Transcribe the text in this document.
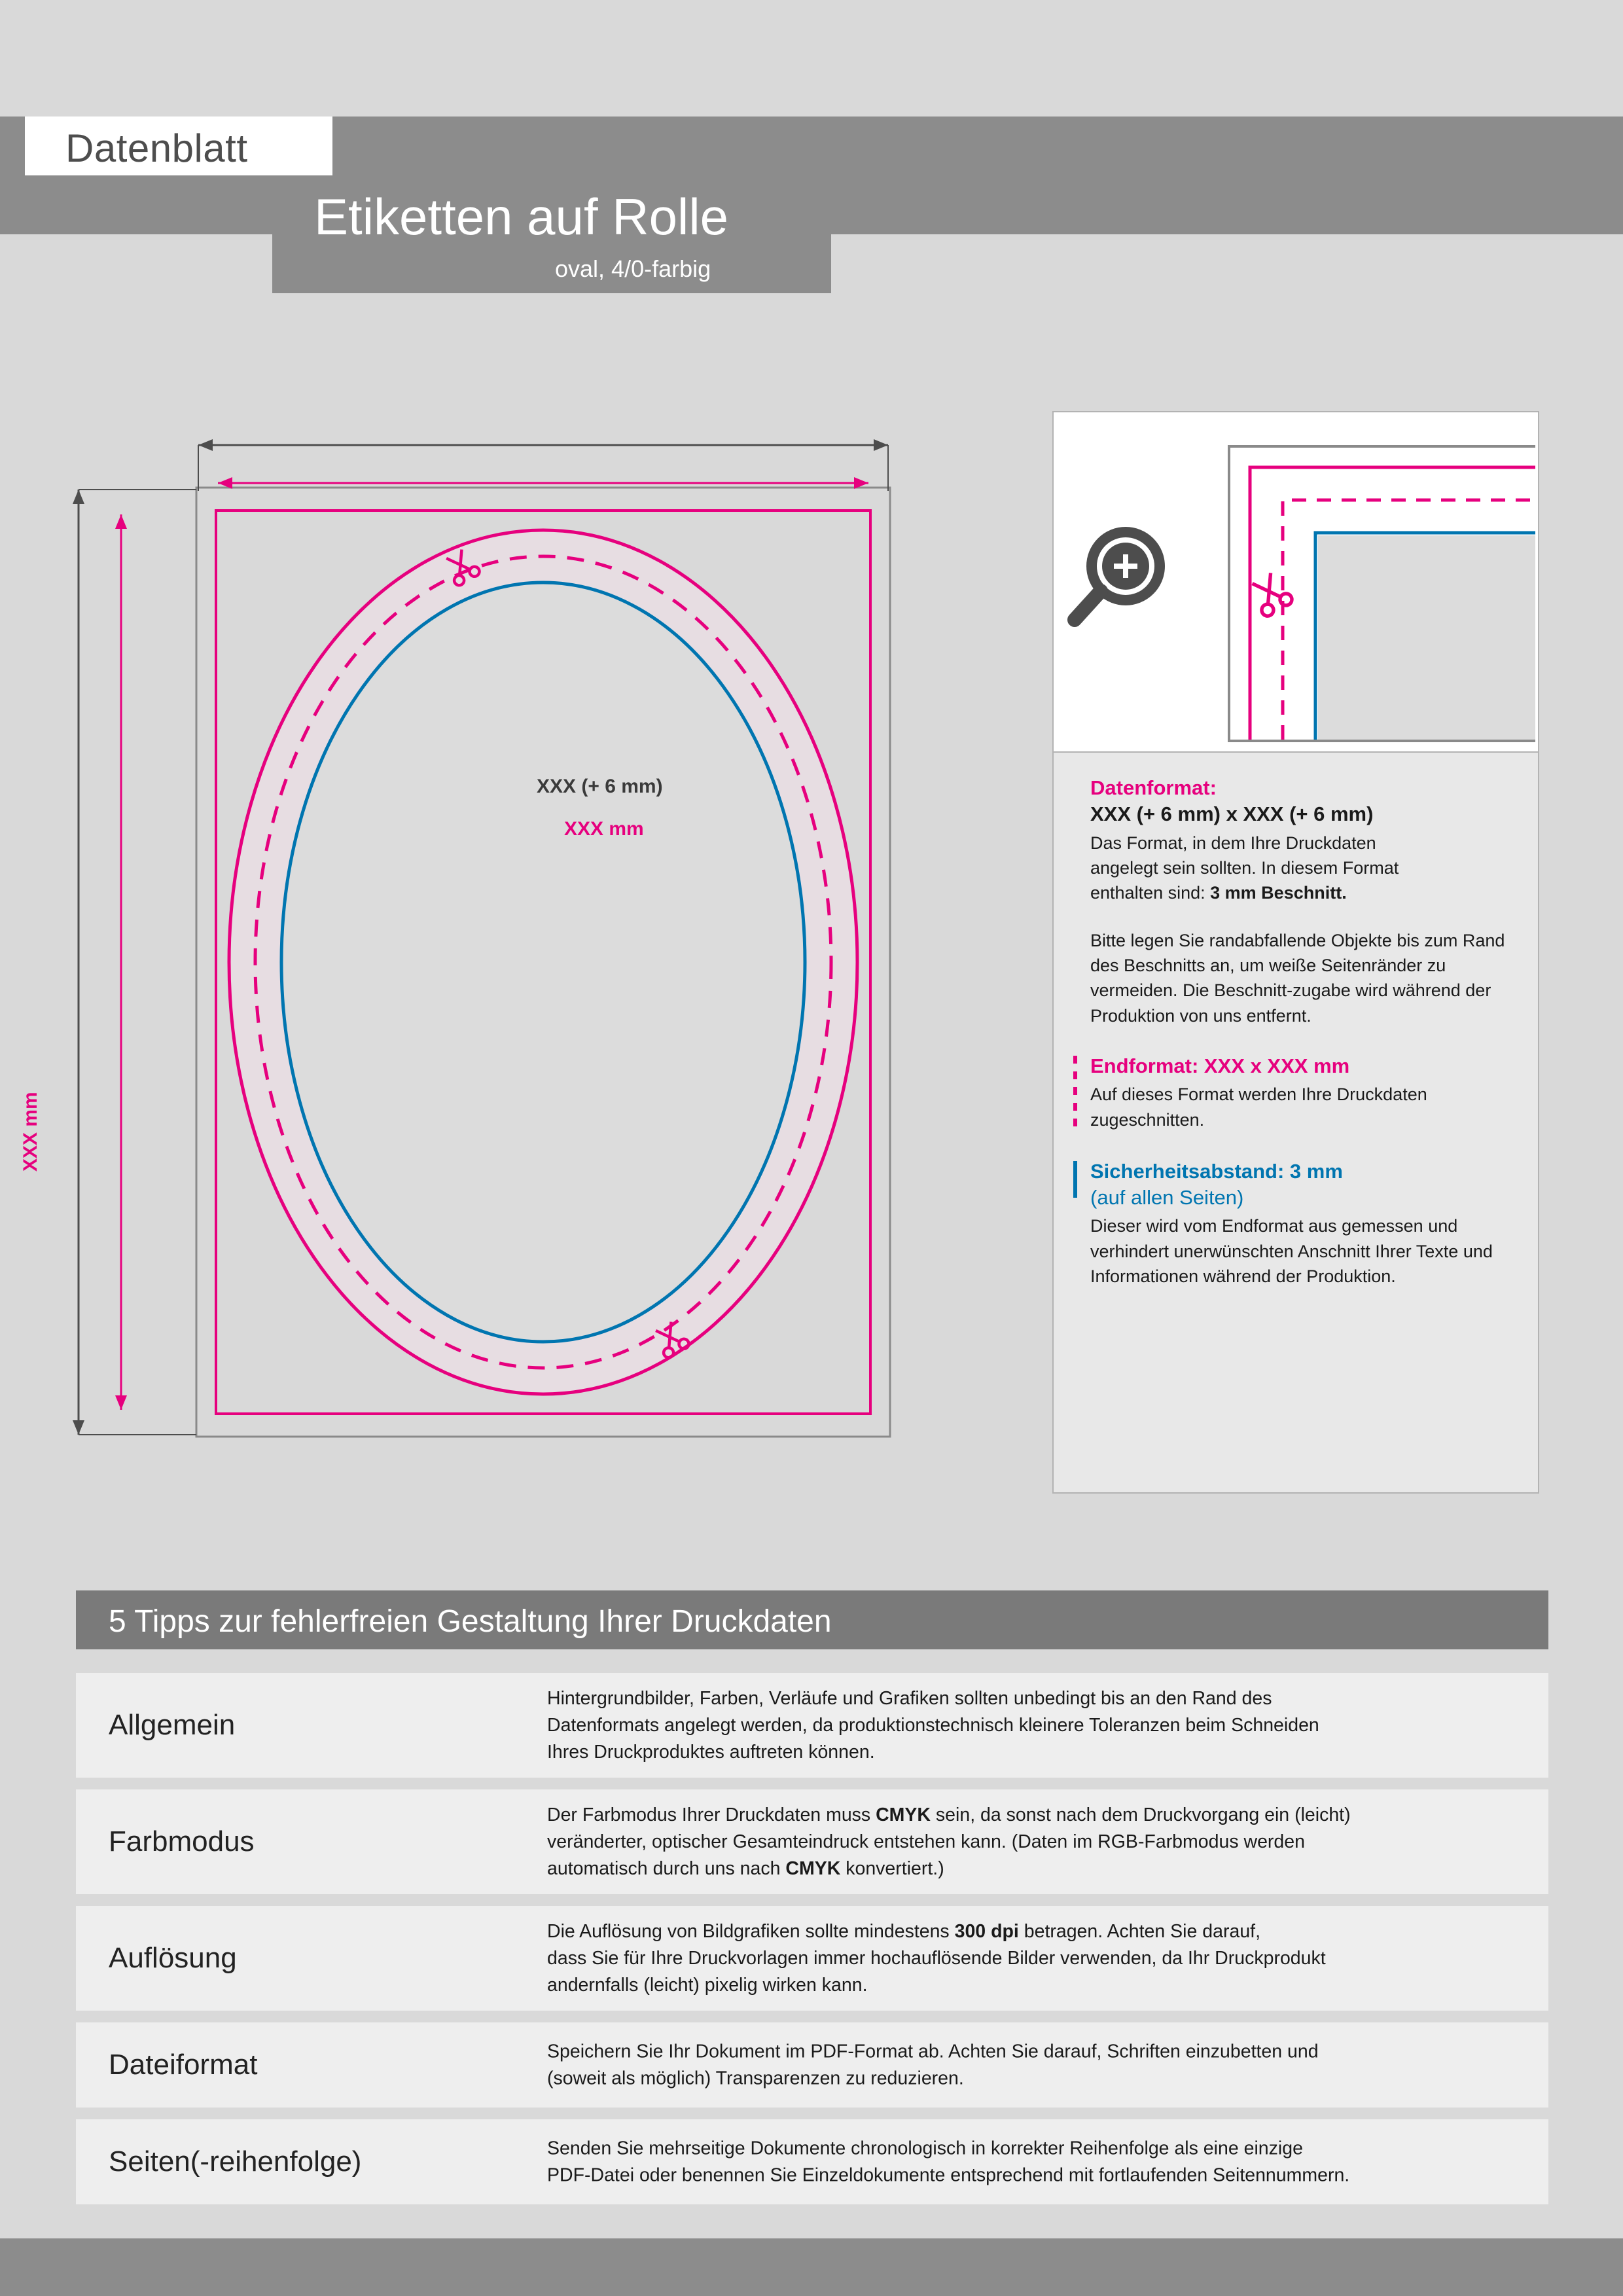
Datenblatt
Etiketten auf Rolle
oval, 4/0-farbig
XXX (+ 6 mm)
XXX mm
XXX mm
Datenformat:
XXX (+ 6 mm) x XXX (+ 6 mm)
Das Format, in dem Ihre Druckdaten
angelegt sein sollten. In diesem Format
enthalten sind: 3 mm Beschnitt.
Bitte legen Sie randabfallende Objekte bis zum Rand des Beschnitts an, um weiße Seitenränder zu vermeiden. Die Beschnitt-zugabe wird während der Produktion von uns entfernt.
Endformat: XXX x XXX mm
Auf dieses Format werden Ihre Druckdaten zugeschnitten.
Sicherheitsabstand: 3 mm
(auf allen Seiten)
Dieser wird vom Endformat aus gemessen und verhindert unerwünschten Anschnitt Ihrer Texte und Informationen während der Produktion.
5 Tipps zur fehlerfreien Gestaltung Ihrer Druckdaten
Allgemein
Hintergrundbilder, Farben, Verläufe und Grafiken sollten unbedingt bis an den Rand des
Datenformats angelegt werden, da produktionstechnisch kleinere Toleranzen beim Schneiden
Ihres Druckproduktes auftreten können.
Farbmodus
Der Farbmodus Ihrer Druckdaten muss CMYK sein, da sonst nach dem Druckvorgang ein (leicht)
veränderter, optischer Gesamteindruck entstehen kann. (Daten im RGB-Farbmodus werden
automatisch durch uns nach CMYK konvertiert.)
Auflösung
Die Auflösung von Bildgrafiken sollte mindestens 300 dpi betragen. Achten Sie darauf,
dass Sie für Ihre Druckvorlagen immer hochauflösende Bilder verwenden, da Ihr Druckprodukt
andernfalls (leicht) pixelig wirken kann.
Dateiformat	Speichern Sie Ihr Dokument im PDF-Format ab. Achten Sie darauf, Schriften einzubetten und
(soweit als möglich) Transparenzen zu reduzieren.
Seiten(-reihenfolge)	Senden Sie mehrseitige Dokumente chronologisch in korrekter Reihenfolge als eine einzige
PDF-Datei oder benennen Sie Einzeldokumente entsprechend mit fortlaufenden Seitennummern.
